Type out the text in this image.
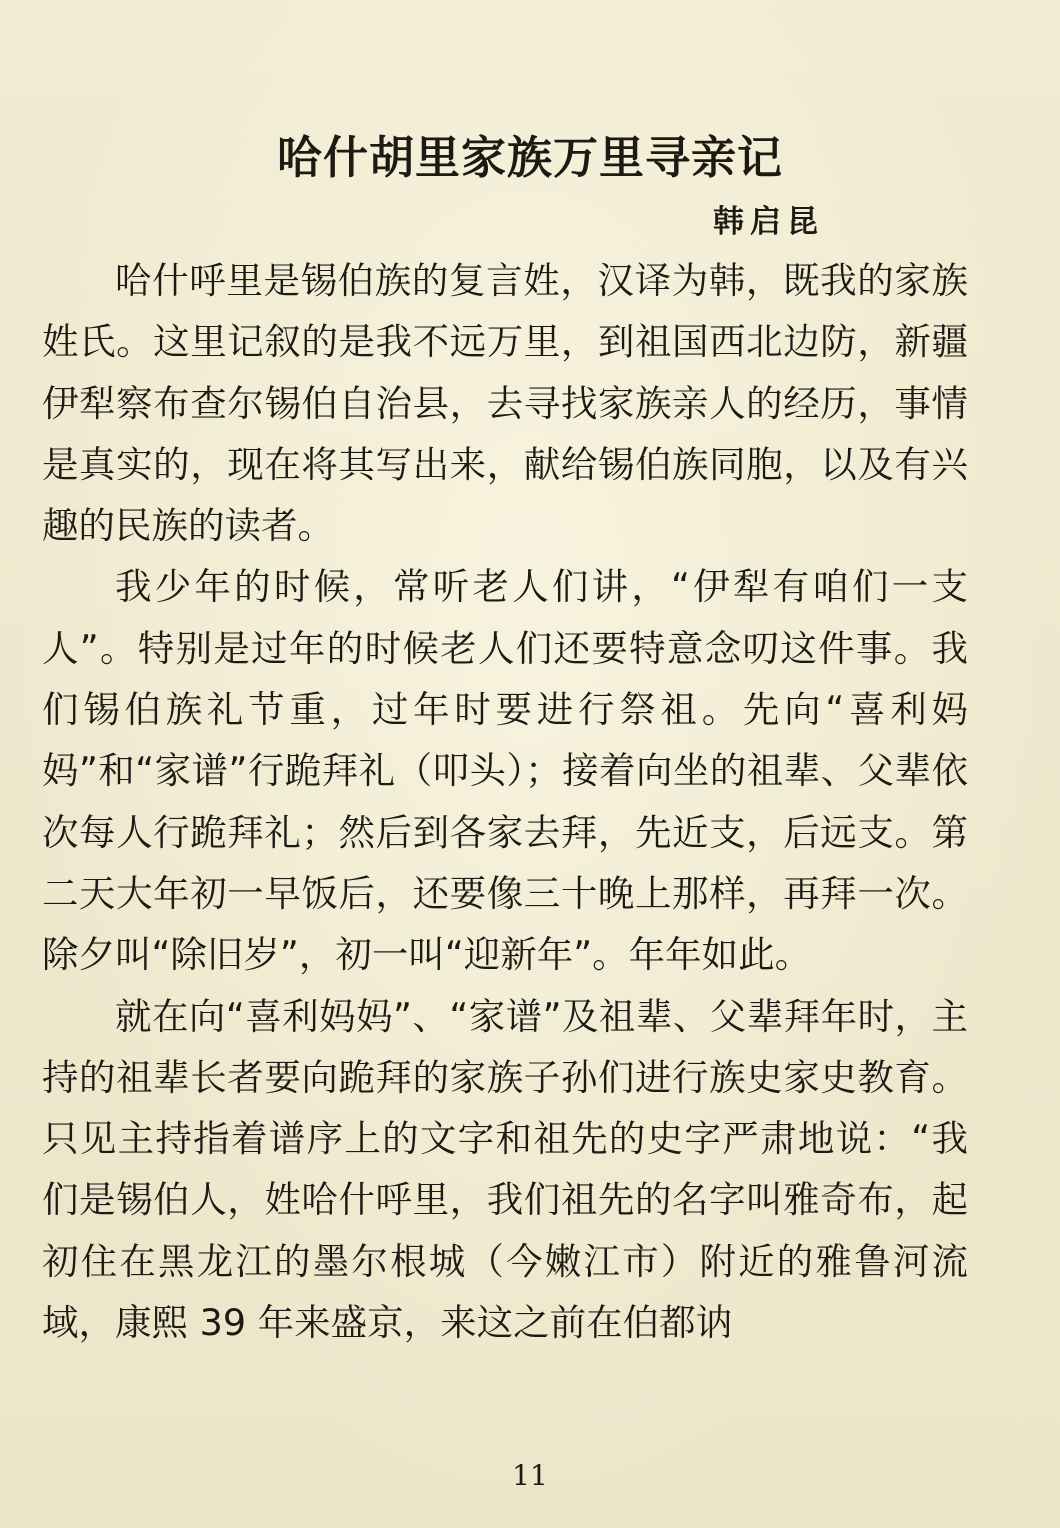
哈什胡里家族万里寻亲记
韩启昆

哈什呼里是锡伯族的复言姓，汉译为韩，既我的家族姓氏。这里记叙的是我不远万里，到祖国西北边防，新疆伊犁察布查尔锡伯自治县，去寻找家族亲人的经历，事情是真实的，现在将其写出来，献给锡伯族同胞，以及有兴趣的民族的读者。

我少年的时候，常听老人们讲，“伊犁有咱们一支人”。特别是过年的时候老人们还要特意念叨这件事。我们锡伯族礼节重，过年时要进行祭祖。先向“喜利妈妈”和“家谱”行跪拜礼（叩头）；接着向坐的祖辈、父辈依次每人行跪拜礼；然后到各家去拜，先近支，后远支。第二天大年初一早饭后，还要像三十晚上那样，再拜一次。除夕叫“除旧岁”，初一叫“迎新年”。年年如此。

就在向“喜利妈妈”、“家谱”及祖辈、父辈拜年时，主持的祖辈长者要向跪拜的家族子孙们进行族史家史教育。只见主持指着谱序上的文字和祖先的史字严肃地说：“我们是锡伯人，姓哈什呼里，我们祖先的名字叫雅奇布，起初住在黑龙江的墨尔根城（今嫩江市）附近的雅鲁河流域，康熙 39 年来盛京，来这之前在伯都讷

11
